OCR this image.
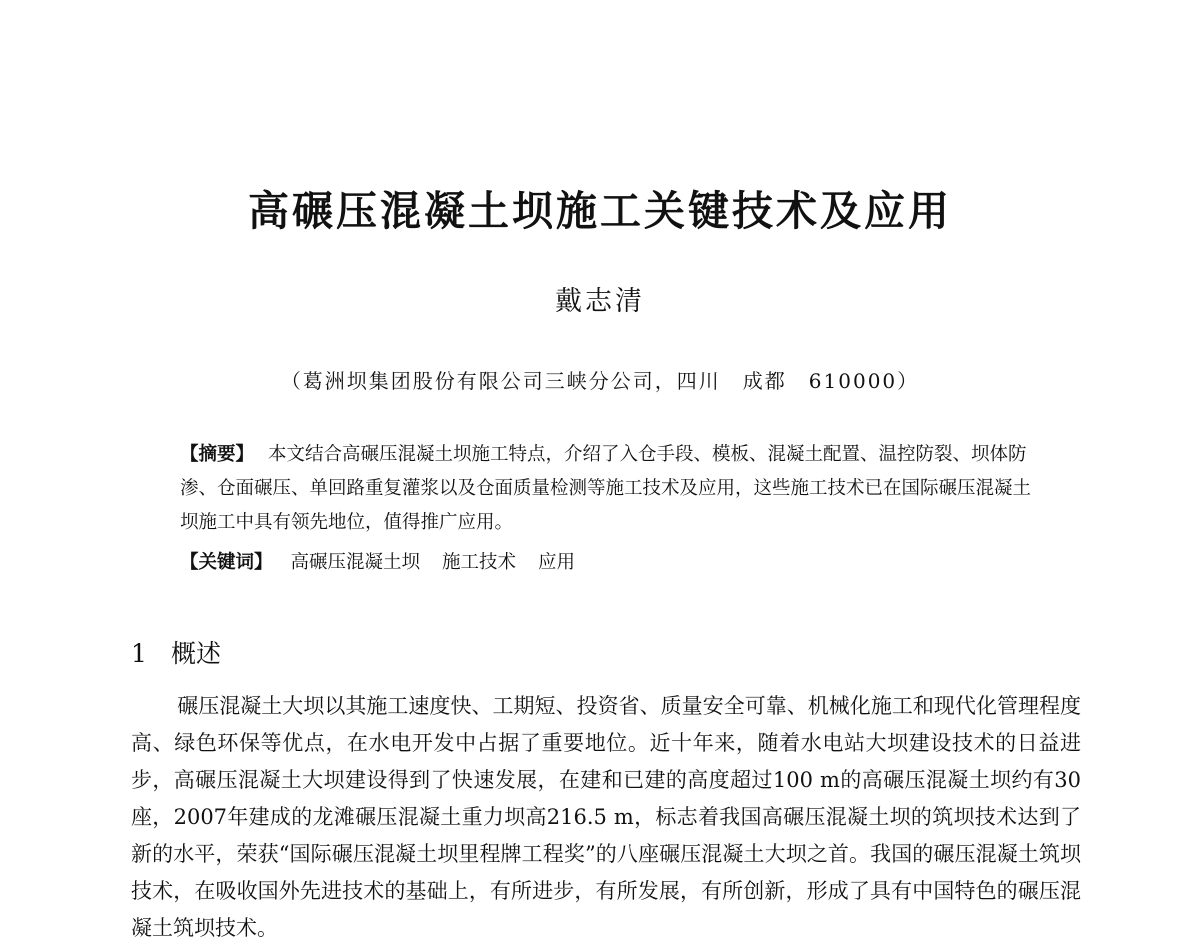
高碾压混凝土坝施工关键技术及应用
戴志清
（葛洲坝集团股份有限公司三峡分公司，四川　成都　610000）
【摘要】 本文结合高碾压混凝土坝施工特点，介绍了入仓手段、模板、混凝土配置、温控防裂、坝体防渗、仓面碾压、单回路重复灌浆以及仓面质量检测等施工技术及应用，这些施工技术已在国际碾压混凝土坝施工中具有领先地位，值得推广应用。
【关键词】 高碾压混凝土坝 施工技术 应用
1 概述
碾压混凝土大坝以其施工速度快、工期短、投资省、质量安全可靠、机械化施工和现代化管理程度高、绿色环保等优点，在水电开发中占据了重要地位。近十年来，随着水电站大坝建设技术的日益进步，高碾压混凝土大坝建设得到了快速发展，在建和已建的高度超过100 m的高碾压混凝土坝约有30座，2007年建成的龙滩碾压混凝土重力坝高216.5 m，标志着我国高碾压混凝土坝的筑坝技术达到了新的水平，荣获“国际碾压混凝土坝里程牌工程奖”的八座碾压混凝土大坝之首。我国的碾压混凝土筑坝技术，在吸收国外先进技术的基础上，有所进步，有所发展，有所创新，形成了具有中国特色的碾压混凝土筑坝技术。
